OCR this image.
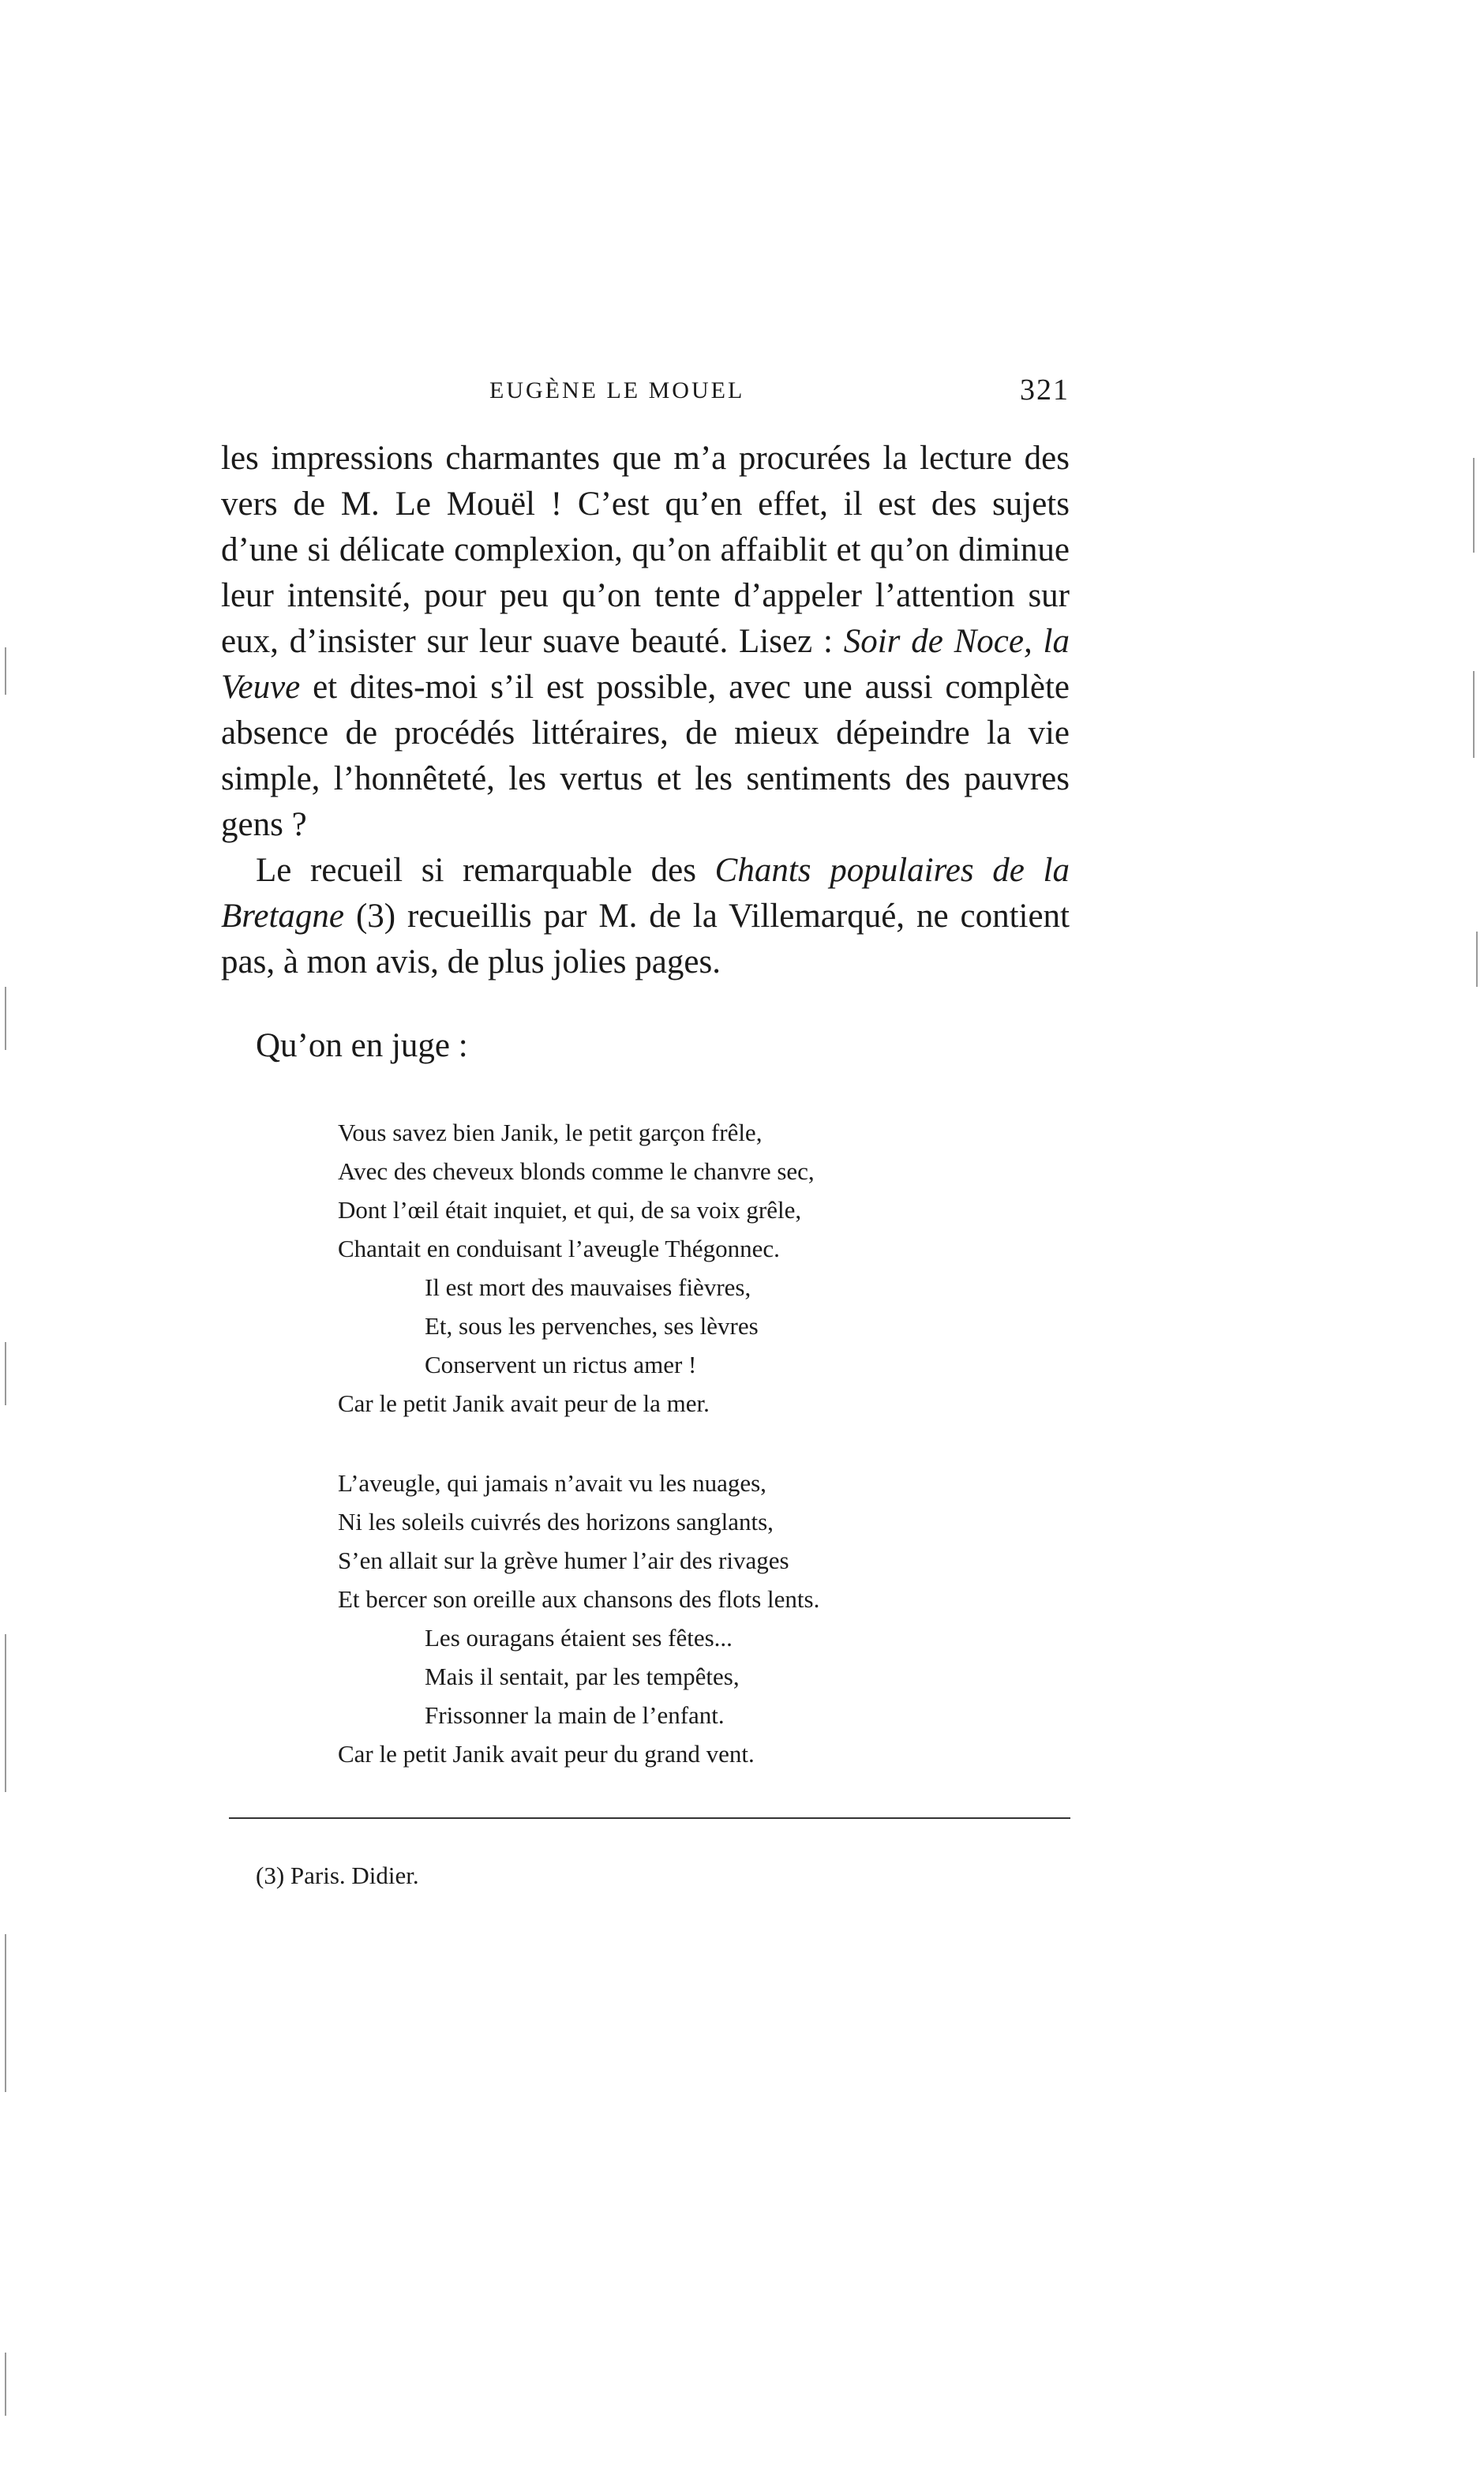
EUGÈNE LE MOUEL	321

les impressions charmantes que m’a procurées la lecture des vers de M. Le Mouël ! C’est qu’en effet, il est des sujets d’une si délicate complexion, qu’on affaiblit et qu’on diminue leur intensité, pour peu qu’on tente d’appeler l’attention sur eux, d’insister sur leur suave beauté. Lisez : Soir de Noce, la Veuve et dites-moi s’il est possible, avec une aussi complète absence de procédés littéraires, de mieux dépeindre la vie simple, l’honnêteté, les vertus et les sentiments des pauvres gens ?

Le recueil si remarquable des Chants populaires de la Bretagne (3) recueillis par M. de la Villemarqué, ne contient pas, à mon avis, de plus jolies pages.

Qu’on en juge :
Vous savez bien Janik, le petit garçon frêle,
Avec des cheveux blonds comme le chanvre sec,
Dont l’œil était inquiet, et qui, de sa voix grêle,
Chantait en conduisant l’aveugle Thégonnec.
Il est mort des mauvaises fièvres,
Et, sous les pervenches, ses lèvres
Conservent un rictus amer !
Car le petit Janik avait peur de la mer.
L’aveugle, qui jamais n’avait vu les nuages,
Ni les soleils cuivrés des horizons sanglants,
S’en allait sur la grève humer l’air des rivages
Et bercer son oreille aux chansons des flots lents.
Les ouragans étaient ses fêtes...
Mais il sentait, par les tempêtes,
Frissonner la main de l’enfant.
Car le petit Janik avait peur du grand vent.
(3) Paris. Didier.
